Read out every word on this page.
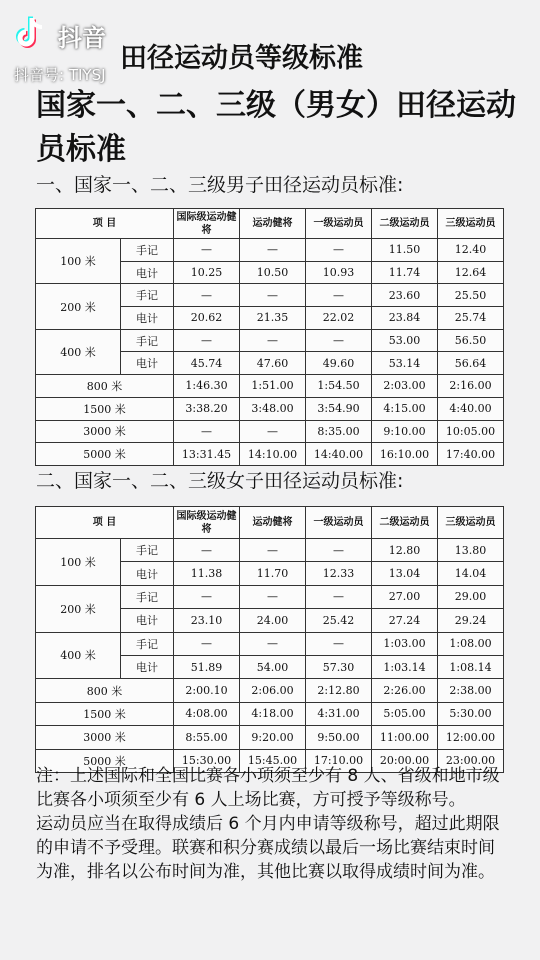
抖音
抖音号: TIYSJ
田径运动员等级标准
国家一、二、三级（男女）田径运动员标准
一、国家一、二、三级男子田径运动员标准:
项 目		国际级运动健将	运动健将	一级运动员	二级运动员	三级运动员
100 米	手记	—	—	—	11.50	12.40
	电计	10.25	10.50	10.93	11.74	12.64
200 米	手记	—	—	—	23.60	25.50
	电计	20.62	21.35	22.02	23.84	25.74
400 米	手记	—	—	—	53.00	56.50
	电计	45.74	47.60	49.60	53.14	56.64
800 米		1:46.30	1:51.00	1:54.50	2:03.00	2:16.00
1500 米		3:38.20	3:48.00	3:54.90	4:15.00	4:40.00
3000 米		—	—	8:35.00	9:10.00	10:05.00
5000 米		13:31.45	14:10.00	14:40.00	16:10.00	17:40.00
二、国家一、二、三级女子田径运动员标准:
项 目		国际级运动健将	运动健将	一级运动员	二级运动员	三级运动员
100 米	手记	—	—	—	12.80	13.80
	电计	11.38	11.70	12.33	13.04	14.04
200 米	手记	—	—	—	27.00	29.00
	电计	23.10	24.00	25.42	27.24	29.24
400 米	手记	—	—	—	1:03.00	1:08.00
	电计	51.89	54.00	57.30	1:03.14	1:08.14
800 米		2:00.10	2:06.00	2:12.80	2:26.00	2:38.00
1500 米		4:08.00	4:18.00	4:31.00	5:05.00	5:30.00
3000 米		8:55.00	9:20.00	9:50.00	11:00.00	12:00.00
5000 米		15:30.00	15:45.00	17:10.00	20:00.00	23:00.00

注：上述国际和全国比赛各小项须至少有 8 人、省级和地市级比赛各小项须至少有 6 人上场比赛，方可授予等级称号。

运动员应当在取得成绩后 6 个月内申请等级称号，超过此期限的申请不予受理。联赛和积分赛成绩以最后一场比赛结束时间为准，排名以公布时间为准，其他比赛以取得成绩时间为准。
